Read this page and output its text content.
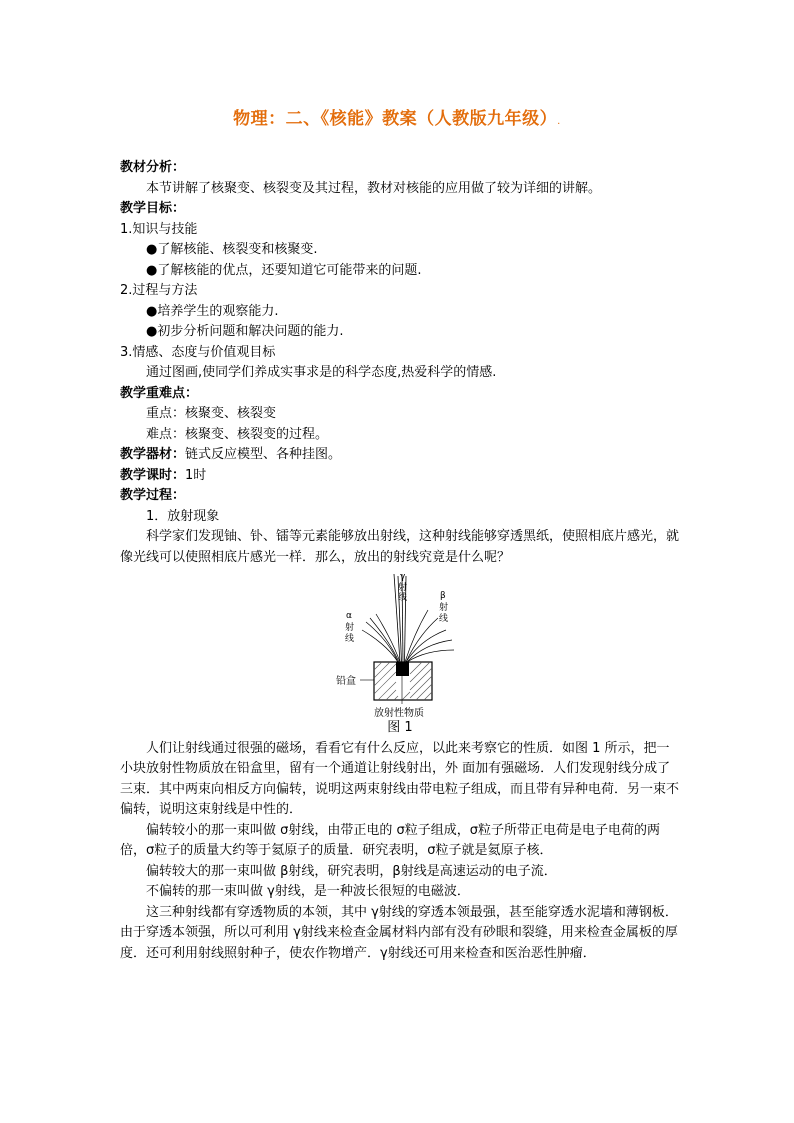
物理：二、《核能》教案（人教版九年级）.

教材分析：

本节讲解了核聚变、核裂变及其过程，教材对核能的应用做了较为详细的讲解。

教学目标：

1.知识与技能

●了解核能、核裂变和核聚变.

●了解核能的优点，还要知道它可能带来的问题.

2.过程与方法

●培养学生的观察能力.

●初步分析问题和解决问题的能力.

3.情感、态度与价值观目标

通过图画,使同学们养成实事求是的科学态度,热爱科学的情感.

教学重难点：

重点：核聚变、核裂变

难点：核聚变、核裂变的过程。

教学器材：链式反应模型、各种挂图。

教学课时：1时

教学过程：

1．放射现象

科学家们发现铀、钋、镭等元素能够放出射线，这种射线能够穿透黑纸，使照相底片感光，就像光线可以使照相底片感光一样．那么，放出的射线究竟是什么呢？

γ
射
线
α
射
线
β
射
线
铅盒
放射性物质

图 1

人们让射线通过很强的磁场，看看它有什么反应，以此来考察它的性质．如图 1 所示，把一小块放射性物质放在铅盒里，留有一个通道让射线射出，外 面加有强磁场．人们发现射线分成了三束．其中两束向相反方向偏转，说明这两束射线由带电粒子组成，而且带有异种电荷．另一束不偏转，说明这束射线是中性的．

偏转较小的那一束叫做 σ射线，由带正电的 σ粒子组成，σ粒子所带正电荷是电子电荷的两倍，σ粒子的质量大约等于氦原子的质量．研究表明，σ粒子就是氦原子核．

偏转较大的那一束叫做 β射线，研究表明，β射线是高速运动的电子流．

不偏转的那一束叫做 γ射线，是一种波长很短的电磁波．

这三种射线都有穿透物质的本领，其中 γ射线的穿透本领最强，甚至能穿透水泥墙和薄钢板．由于穿透本领强，所以可利用 γ射线来检查金属材料内部有没有砂眼和裂缝，用来检查金属板的厚度．还可利用射线照射种子，使农作物增产．γ射线还可用来检查和医治恶性肿瘤．
